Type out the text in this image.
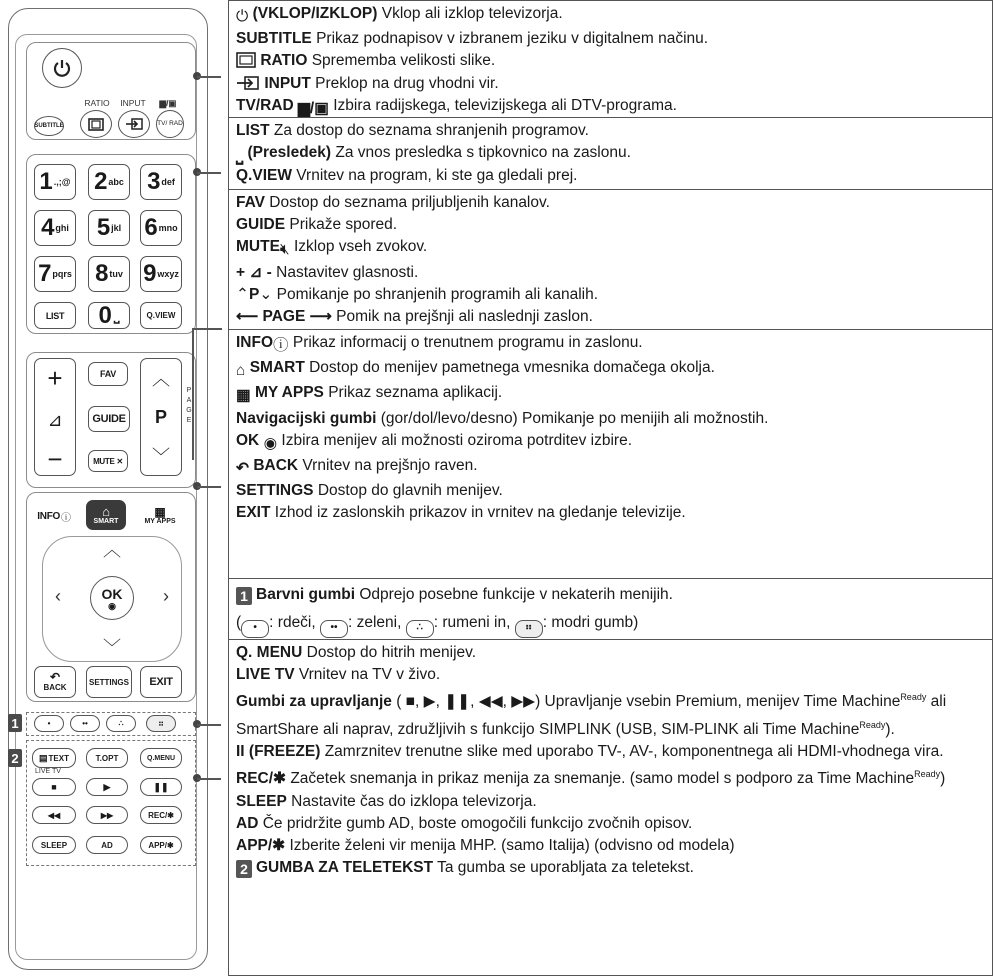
RATIO INPUT	▆/▣
SUBTITLE	TV/ RAD
1 .,;@ 2 abc 3 def
4 ghi 5 jkl 6 mno
7 pqrs 8 tuv 9 wxyz
LIST	0 ⎵	Q.VIEW
+
⊿
−
FAV
GUIDE
MUTE ✕
︿
P
﹀
P A G E
INFO ⓘ ⌂
SMART
▦
MY APPS
︿
﹀
‹	›
OK
◉
↶
BACK
SETTINGS	EXIT
1	•	••	∴	⠶
2	▤ TEXT	T.OPT	Q.MENU
LIVE TV
■	▶	❚❚
◀◀	▶▶	REC/✱
SLEEP	AD	APP/✱

⏻ (VKLOP/IZKLOP) Vklop ali izklop televizorja.

SUBTITLE Prikaz podnapisov v izbranem jeziku v digitalnem načinu.

RATIO Sprememba velikosti slike.

INPUT Preklop na drug vhodni vir.

TV/RAD ▆/▣ Izbira radijskega, televizijskega ali DTV-programa.

LIST Za dostop do seznama shranjenih programov.

⎵ (Presledek) Za vnos presledka s tipkovnico na zaslonu.

Q.VIEW Vrnitev na program, ki ste ga gledali prej.

FAV Dostop do seznama priljubljenih kanalov.

GUIDE Prikaže spored.

MUTE🔇︎ Izklop vseh zvokov.

+ ⊿ - Nastavitev glasnosti.

⌃P⌄ Pomikanje po shranjenih programih ali kanalih.

⟵ PAGE ⟶ Pomik na prejšnji ali naslednji zaslon.

INFOⓘ Prikaz informacij o trenutnem programu in zaslonu.

⌂ SMART Dostop do menijev pametnega vmesnika domačega okolja.

▦ MY APPS Prikaz seznama aplikacij.

Navigacijski gumbi (gor/dol/levo/desno) Pomikanje po menijih ali možnostih.

OK ◉ Izbira menijev ali možnosti oziroma potrditev izbire.

↶ BACK Vrnitev na prejšnjo raven.

SETTINGS Dostop do glavnih menijev.

EXIT Izhod iz zaslonskih prikazov in vrnitev na gledanje televizije.

1 Barvni gumbi Odprejo posebne funkcije v nekaterih menijih.

( • : rdeči, •• : zeleni, ∴ : rumeni in, ⠶ : modri gumb)

Q. MENU Dostop do hitrih menijev.

LIVE TV Vrnitev na TV v živo.

Gumbi za upravljanje ( ■, ▶, ❚❚, ◀◀, ▶▶) Upravljanje vsebin Premium, menijev Time Machine$^{Ready}$ ali SmartShare ali naprav, združljivih s funkcijo SIMPLINK (USB, SIM-PLINK ali Time Machine$^{Ready}$).

II (FREEZE) Zamrznitev trenutne slike med uporabo TV-, AV-, komponentnega ali HDMI-vhodnega vira.

REC/✱ Začetek snemanja in prikaz menija za snemanje. (samo model s podporo za Time Machine$^{Ready}$)

SLEEP Nastavite čas do izklopa televizorja.

AD Če pridržite gumb AD, boste omogočili funkcijo zvočnih opisov.

APP/✱ Izberite želeni vir menija MHP. (samo Italija) (odvisno od modela)

2 GUMBA ZA TELETEKST Ta gumba se uporabljata za teletekst.
